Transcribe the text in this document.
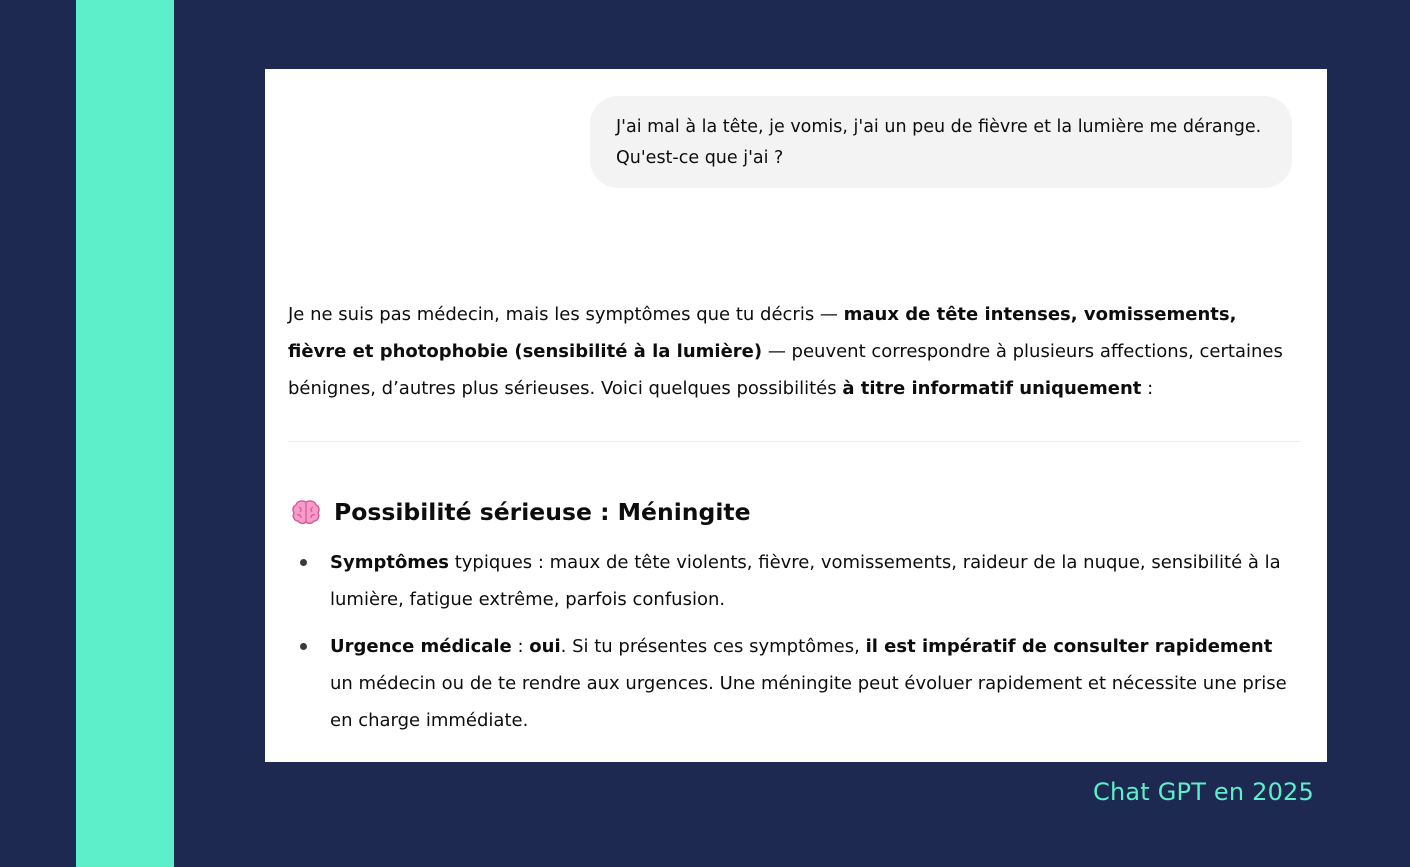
J'ai mal à la tête, je vomis, j'ai un peu de fièvre et la lumière me dérange. Qu'est-ce que j'ai ?

Je ne suis pas médecin, mais les symptômes que tu décris — maux de tête intenses, vomissements, fièvre et photophobie (sensibilité à la lumière) — peuvent correspondre à plusieurs affections, certaines bénignes, d’autres plus sérieuses. Voici quelques possibilités à titre informatif uniquement :

Possibilité sérieuse : Méningite
Symptômes typiques : maux de tête violents, fièvre, vomissements, raideur de la nuque, sensibilité à la lumière, fatigue extrême, parfois confusion.
Urgence médicale : oui. Si tu présentes ces symptômes, il est impératif de consulter rapidement un médecin ou de te rendre aux urgences. Une méningite peut évoluer rapidement et nécessite une prise en charge immédiate.
Chat GPT en 2025
